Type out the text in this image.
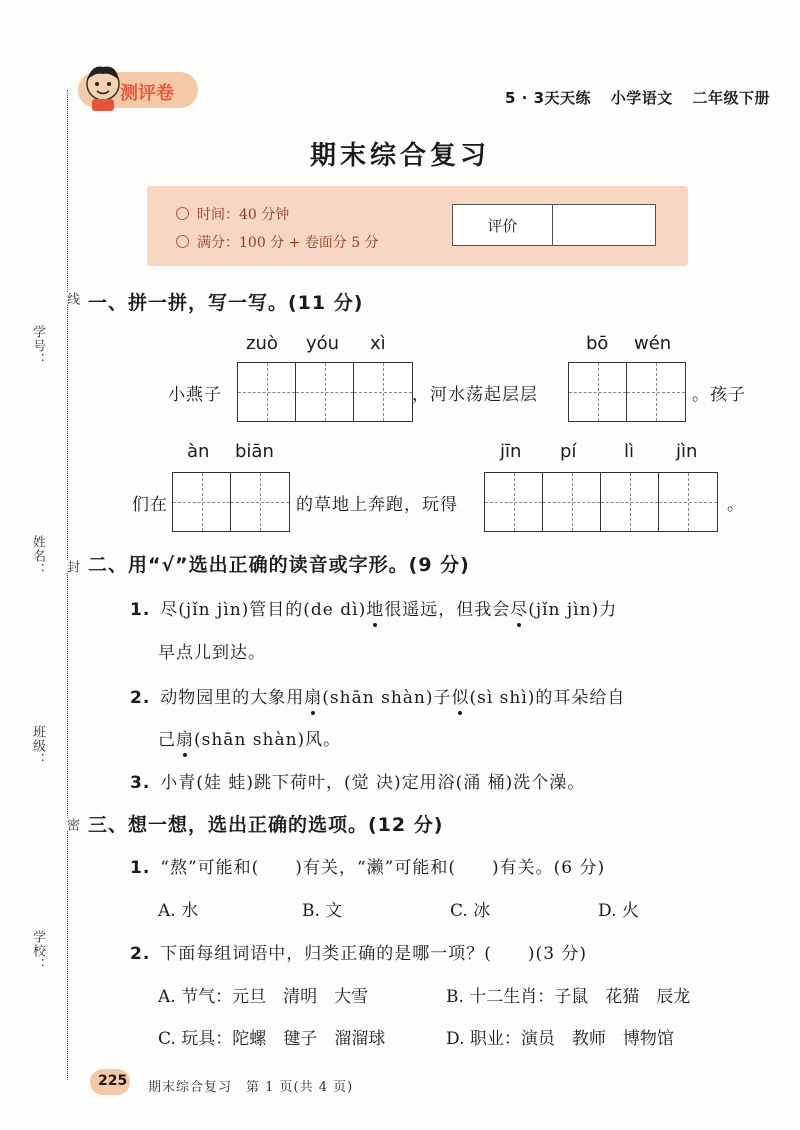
学号：
线
姓名： 封
班级：
密
学校：
测评卷	5 · 3天天练 小学语文 二年级下册
期末综合复习
时间：40 分钟
满分：100 分 + 卷面分 5 分
评价
一、拼一拼，写一写。(11 分)
zuò yóu xì	bō wén
小燕子	，河水荡起层层	。孩子
àn biān	jīn pí	lì jìn
们在	的草地上奔跑，玩得	。
二、用“√”选出正确的读音或字形。(9 分)
1. 尽(jǐn jìn)管目的(de dì)地很遥远，但我会尽(jǐn jìn)力
早点儿到达。
2. 动物园里的大象用扇(shān shàn)子似(sì shì)的耳朵给自
己扇(shān shàn)风。
3. 小青(娃 蛙)跳下荷叶，(觉 决)定用浴(涌 桶)洗个澡。
三、想一想，选出正确的选项。(12 分)
1. “熬”可能和(　　)有关，“濑”可能和(　　)有关。(6 分)
A. 水	B. 文	C. 冰	D. 火
2. 下面每组词语中，归类正确的是哪一项？(　　)(3 分)
A. 节气：元旦　清明　大雪	B. 十二生肖：子鼠　花猫　辰龙
C. 玩具：陀螺　毽子　溜溜球	D. 职业：演员　教师　博物馆
225 期末综合复习　第 1 页(共 4 页)
